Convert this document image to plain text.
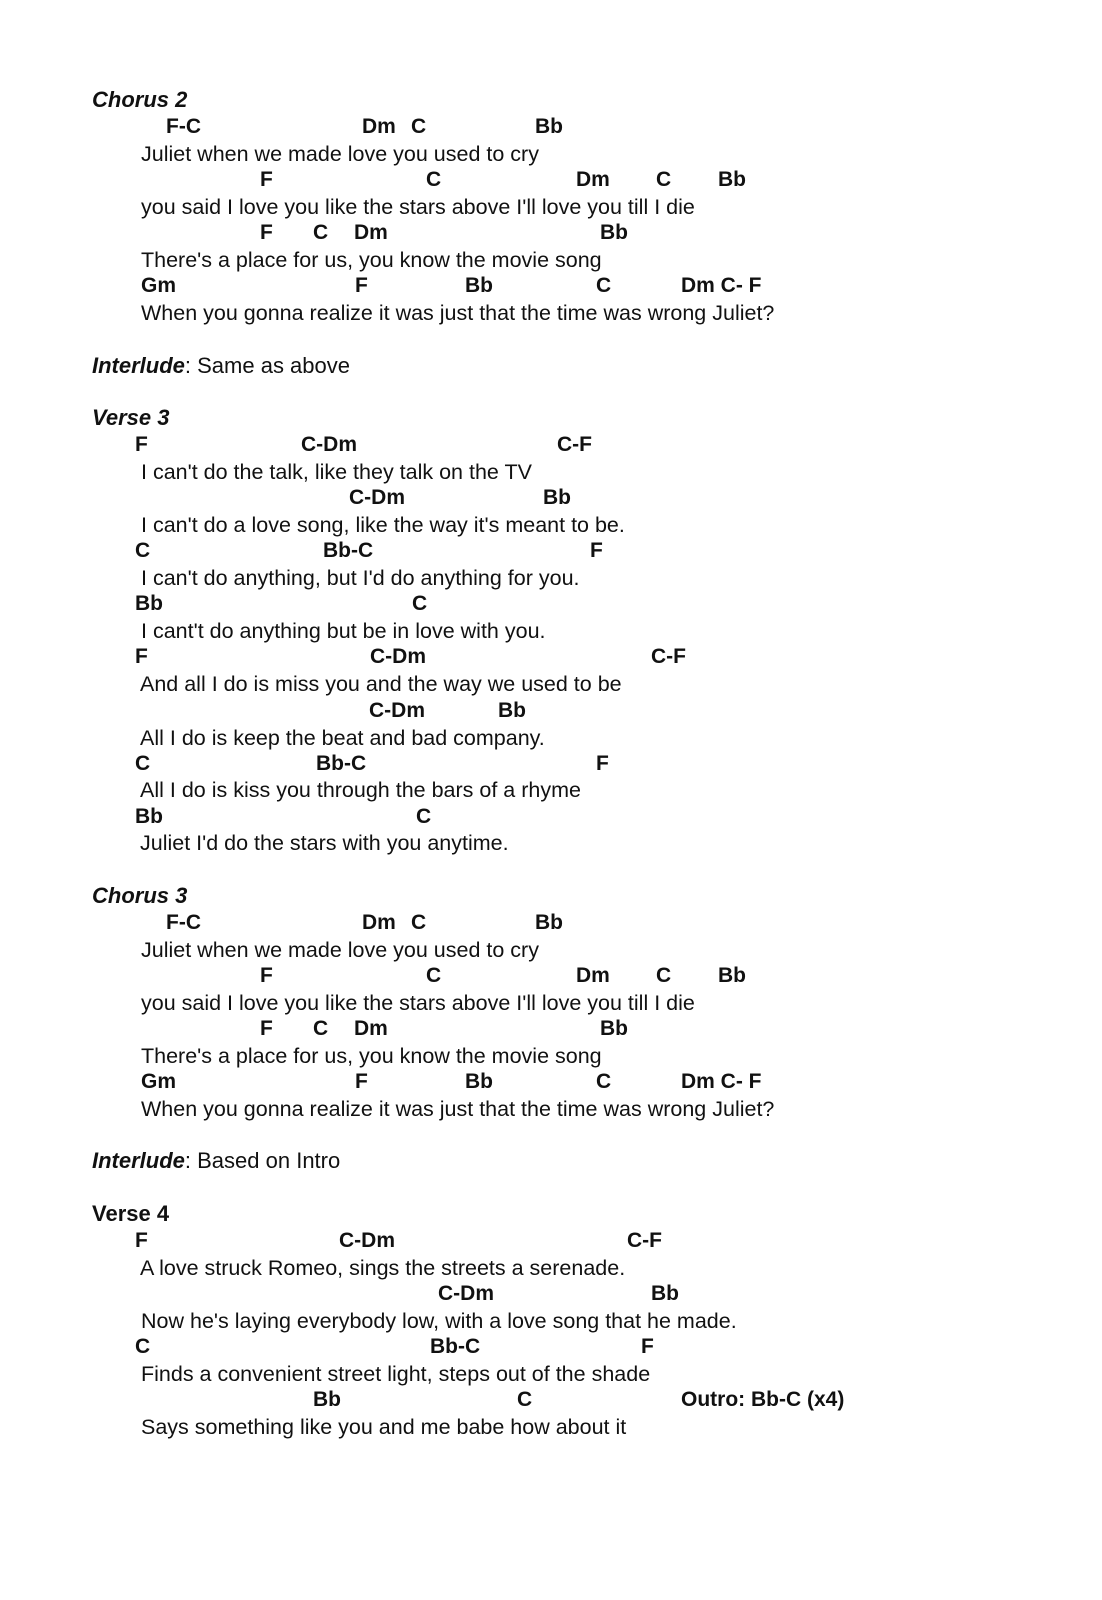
Chorus 2
F-C	Dm C	Bb
Juliet when we made love you used to cry
F	C	Dm C Bb
you said I love you like the stars above I'll love you till I die
F C Dm	Bb
There's a place for us, you know the movie song
Gm	F	Bb	C	Dm C- F
When you gonna realize it was just that the time was wrong Juliet?
Interlude: Same as above
Verse 3
F	C-Dm	C-F
I can't do the talk, like they talk on the TV
C-Dm	Bb
I can't do a love song, like the way it's meant to be.
C	Bb-C	F
I can't do anything, but I'd do anything for you.
Bb	C
I cant't do anything but be in love with you.
F	C-Dm	C-F
And all I do is miss you and the way we used to be
C-Dm	Bb
All I do is keep the beat and bad company.
C	Bb-C	F
All I do is kiss you through the bars of a rhyme
Bb	C
Juliet I'd do the stars with you anytime.
Chorus 3
F-C	Dm C	Bb
Juliet when we made love you used to cry
F	C	Dm C Bb
you said I love you like the stars above I'll love you till I die
F C Dm	Bb
There's a place for us, you know the movie song
Gm	F	Bb	C	Dm C- F
When you gonna realize it was just that the time was wrong Juliet?
Interlude: Based on Intro
Verse 4
F	C-Dm	C-F
A love struck Romeo, sings the streets a serenade.
C-Dm	Bb
Now he's laying everybody low, with a love song that he made.
C	Bb-C	F
Finds a convenient street light, steps out of the shade
Bb	C	Outro: Bb-C (x4)
Says something like you and me babe how about it
